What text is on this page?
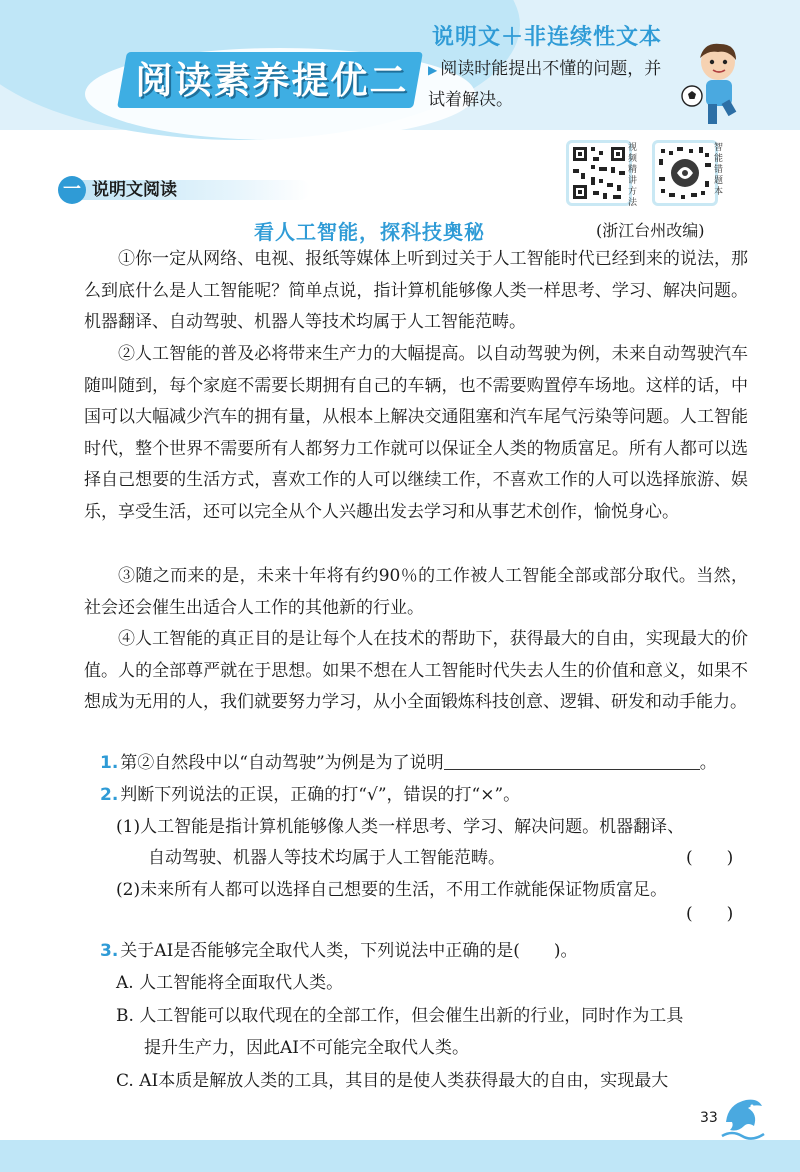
阅读素养提优二
说明文＋非连续性文本
▶ 阅读时能提出不懂的问题，并
试着解决。
视频精讲方法
智能错题本
一 说明文阅读
看人工智能，探科技奥秘	(浙江台州改编)
①你一定从网络、电视、报纸等媒体上听到过关于人工智能时代已经到来的说法，那么到底什么是人工智能呢？简单点说，指计算机能够像人类一样思考、学习、解决问题。机器翻译、自动驾驶、机器人等技术均属于人工智能范畴。
②人工智能的普及必将带来生产力的大幅提高。以自动驾驶为例，未来自动驾驶汽车随叫随到，每个家庭不需要长期拥有自己的车辆，也不需要购置停车场地。这样的话，中国可以大幅减少汽车的拥有量，从根本上解决交通阻塞和汽车尾气污染等问题。人工智能时代，整个世界不需要所有人都努力工作就可以保证全人类的物质富足。所有人都可以选择自己想要的生活方式，喜欢工作的人可以继续工作，不喜欢工作的人可以选择旅游、娱乐，享受生活，还可以完全从个人兴趣出发去学习和从事艺术创作，愉悦身心。
③随之而来的是，未来十年将有约90％的工作被人工智能全部或部分取代。当然，社会还会催生出适合人工作的其他新的行业。
④人工智能的真正目的是让每个人在技术的帮助下，获得最大的自由，实现最大的价值。人的全部尊严就在于思想。如果不想在人工智能时代失去人生的价值和意义，如果不想成为无用的人，我们就要努力学习，从小全面锻炼科技创意、逻辑、研发和动手能力。
1. 第②自然段中以“自动驾驶”为例是为了说明	。
2. 判断下列说法的正误，正确的打“√”，错误的打“×”。
(1)人工智能是指计算机能够像人类一样思考、学习、解决问题。机器翻译、
自动驾驶、机器人等技术均属于人工智能范畴。	(　　)
(2)未来所有人都可以选择自己想要的生活，不用工作就能保证物质富足。
(　　)
3. 关于AI是否能够完全取代人类，下列说法中正确的是(　　)。
A. 人工智能将全面取代人类。
B. 人工智能可以取代现在的全部工作，但会催生出新的行业，同时作为工具
提升生产力，因此AI不可能完全取代人类。
C. AI本质是解放人类的工具，其目的是使人类获得最大的自由，实现最大
33
